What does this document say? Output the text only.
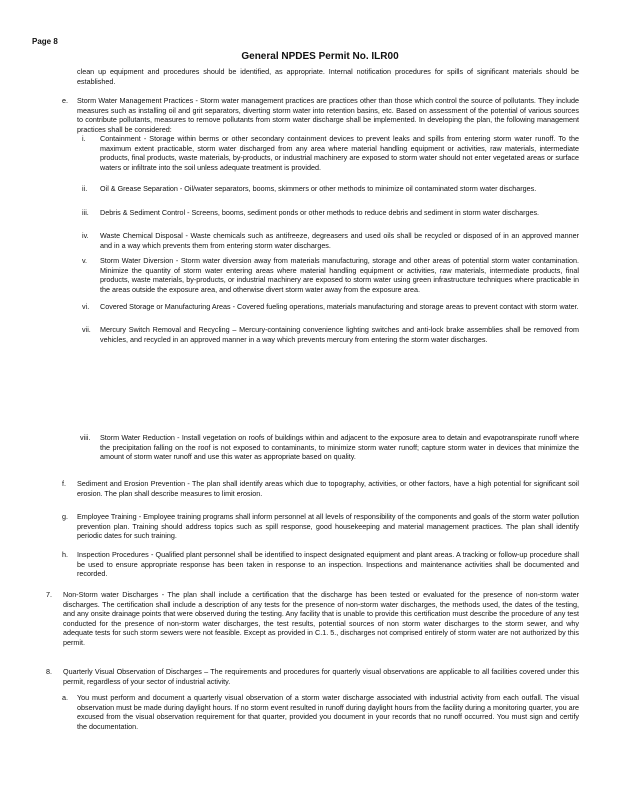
Page 8
General NPDES Permit No. ILR00
clean up equipment and procedures should be identified, as appropriate. Internal notification procedures for spills of significant materials should be established.
e. Storm Water Management Practices - Storm water management practices are practices other than those which control the source of pollutants. They include measures such as installing oil and grit separators, diverting storm water into retention basins, etc. Based on assessment of the potential of various sources to contribute pollutants, measures to remove pollutants from storm water discharge shall be implemented. In developing the plan, the following management practices shall be considered:
i. Containment - Storage within berms or other secondary containment devices to prevent leaks and spills from entering storm water runoff. To the maximum extent practicable, storm water discharged from any area where material handling equipment or activities, raw materials, intermediate products, final products, waste materials, by-products, or industrial machinery are exposed to storm water should not enter vegetated areas or surface waters or infiltrate into the soil unless adequate treatment is provided.
ii. Oil & Grease Separation - Oil/water separators, booms, skimmers or other methods to minimize oil contaminated storm water discharges.
iii. Debris & Sediment Control - Screens, booms, sediment ponds or other methods to reduce debris and sediment in storm water discharges.
iv. Waste Chemical Disposal - Waste chemicals such as antifreeze, degreasers and used oils shall be recycled or disposed of in an approved manner and in a way which prevents them from entering storm water discharges.
v. Storm Water Diversion - Storm water diversion away from materials manufacturing, storage and other areas of potential storm water contamination. Minimize the quantity of storm water entering areas where material handling equipment or activities, raw materials, intermediate products, final products, waste materials, by-products, or industrial machinery are exposed to storm water using green infrastructure techniques where practicable in the areas outside the exposure area, and otherwise divert storm water away from the exposure area.
vi. Covered Storage or Manufacturing Areas - Covered fueling operations, materials manufacturing and storage areas to prevent contact with storm water.
vii. Mercury Switch Removal and Recycling – Mercury-containing convenience lighting switches and anti-lock brake assemblies shall be removed from vehicles, and recycled in an approved manner in a way which prevents mercury from entering the storm water discharges.
viii. Storm Water Reduction - Install vegetation on roofs of buildings within and adjacent to the exposure area to detain and evapotranspirate runoff where the precipitation falling on the roof is not exposed to contaminants, to minimize storm water runoff; capture storm water in devices that minimize the amount of storm water runoff and use this water as appropriate based on quality.
f. Sediment and Erosion Prevention - The plan shall identify areas which due to topography, activities, or other factors, have a high potential for significant soil erosion. The plan shall describe measures to limit erosion.
g. Employee Training - Employee training programs shall inform personnel at all levels of responsibility of the components and goals of the storm water pollution prevention plan. Training should address topics such as spill response, good housekeeping and material management practices. The plan shall identify periodic dates for such training.
h. Inspection Procedures - Qualified plant personnel shall be identified to inspect designated equipment and plant areas. A tracking or follow-up procedure shall be used to ensure appropriate response has been taken in response to an inspection. Inspections and maintenance activities shall be documented and recorded.
7. Non-Storm water Discharges - The plan shall include a certification that the discharge has been tested or evaluated for the presence of non-storm water discharges. The certification shall include a description of any tests for the presence of non-storm water discharges, the methods used, the dates of the testing, and any onsite drainage points that were observed during the testing. Any facility that is unable to provide this certification must describe the procedure of any test conducted for the presence of non-storm water discharges, the test results, potential sources of non storm water discharges to the storm sewer, and why adequate tests for such storm sewers were not feasible. Except as provided in C.1. 5., discharges not comprised entirely of storm water are not authorized by this permit.
8. Quarterly Visual Observation of Discharges – The requirements and procedures for quarterly visual observations are applicable to all facilities covered under this permit, regardless of your sector of industrial activity.
a. You must perform and document a quarterly visual observation of a storm water discharge associated with industrial activity from each outfall. The visual observation must be made during daylight hours. If no storm event resulted in runoff during daylight hours from the facility during a monitoring quarter, you are excused from the visual observation requirement for that quarter, provided you document in your records that no runoff occurred. You must sign and certify the documentation.
